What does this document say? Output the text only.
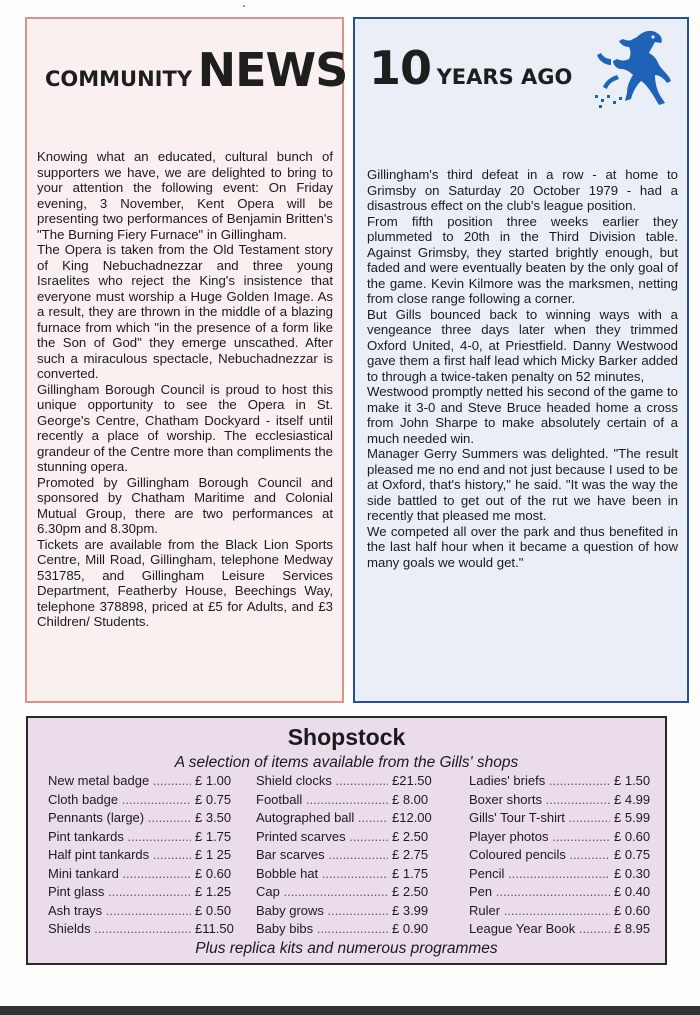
COMMUNITY NEWS

Knowing what an educated, cultural bunch of supporters we have, we are delighted to bring to your attention the following event: On Friday evening, 3 November, Kent Opera will be presenting two performances of Benjamin Britten's "The Burning Fiery Furnace" in Gillingham.

The Opera is taken from the Old Testament story of King Nebuchadnezzar and three young Israelites who reject the King's insistence that everyone must worship a Huge Golden Image. As a result, they are thrown in the middle of a blazing furnace from which "in the presence of a form like the Son of God" they emerge unscathed. After such a miraculous spectacle, Nebuchadnezzar is converted.

Gillingham Borough Council is proud to host this unique opportunity to see the Opera in St. George's Centre, Chatham Dockyard - itself until recently a place of worship. The ecclesiastical grandeur of the Centre more than compliments the stunning opera.

Promoted by Gillingham Borough Council and sponsored by Chatham Maritime and Colonial Mutual Group, there are two performances at 6.30pm and 8.30pm.

Tickets are available from the Black Lion Sports Centre, Mill Road, Gillingham, telephone Medway 531785, and Gillingham Leisure Services Department, Featherby House, Beechings Way, telephone 378898, priced at £5 for Adults, and £3 Children/ Students.

10 YEARS AGO

Gillingham's third defeat in a row - at home to Grimsby on Saturday 20 October 1979 - had a disastrous effect on the club's league position.

From fifth position three weeks earlier they plummeted to 20th in the Third Division table. Against Grimsby, they started brightly enough, but faded and were eventually beaten by the only goal of the game. Kevin Kilmore was the marksmen, netting from close range following a corner.

But Gills bounced back to winning ways with a vengeance three days later when they trimmed Oxford United, 4-0, at Priestfield. Danny Westwood gave them a first half lead which Micky Barker added to through a twice-taken penalty on 52 minutes,

Westwood promptly netted his second of the game to make it 3-0 and Steve Bruce headed home a cross from John Sharpe to make absolutely certain of a much needed win.

Manager Gerry Summers was delighted. "The result pleased me no end and not just because I used to be at Oxford, that's history," he said. "It was the way the side battled to get out of the rut we have been in recently that pleased me most.

We competed all over the park and thus benefited in the last half hour when it became a question of how many goals we would get."

Shopstock
A selection of items available from the Gills' shops
New metal badge .....	£ 1.00
Cloth badge .....	£ 0.75
Pennants (large) .....	£ 3.50
Pint tankards .....	£ 1.75
Half pint tankards .....	£ 1 25
Mini tankard .....	£ 0.60
Pint glass .....	£ 1.25
Ash trays .....	£ 0.50
Shields .....	£11.50
Shield clocks .....	£21.50
Football .....	£ 8.00
Autographed ball .....	£12.00
Printed scarves .....	£ 2.50
Bar scarves .....	£ 2.75
Bobble hat .....	£ 1.75
Cap .....	£ 2.50
Baby grows .....	£ 3.99
Baby bibs .....	£ 0.90
Ladies' briefs .....	£ 1.50
Boxer shorts .....	£ 4.99
Gills' Tour T-shirt .....	£ 5.99
Player photos .....	£ 0.60
Coloured pencils .....	£ 0.75
Pencil .....	£ 0.30
Pen .....	£ 0.40
Ruler .....	£ 0.60
League Year Book .....	£ 8.95
Plus replica kits and numerous programmes
